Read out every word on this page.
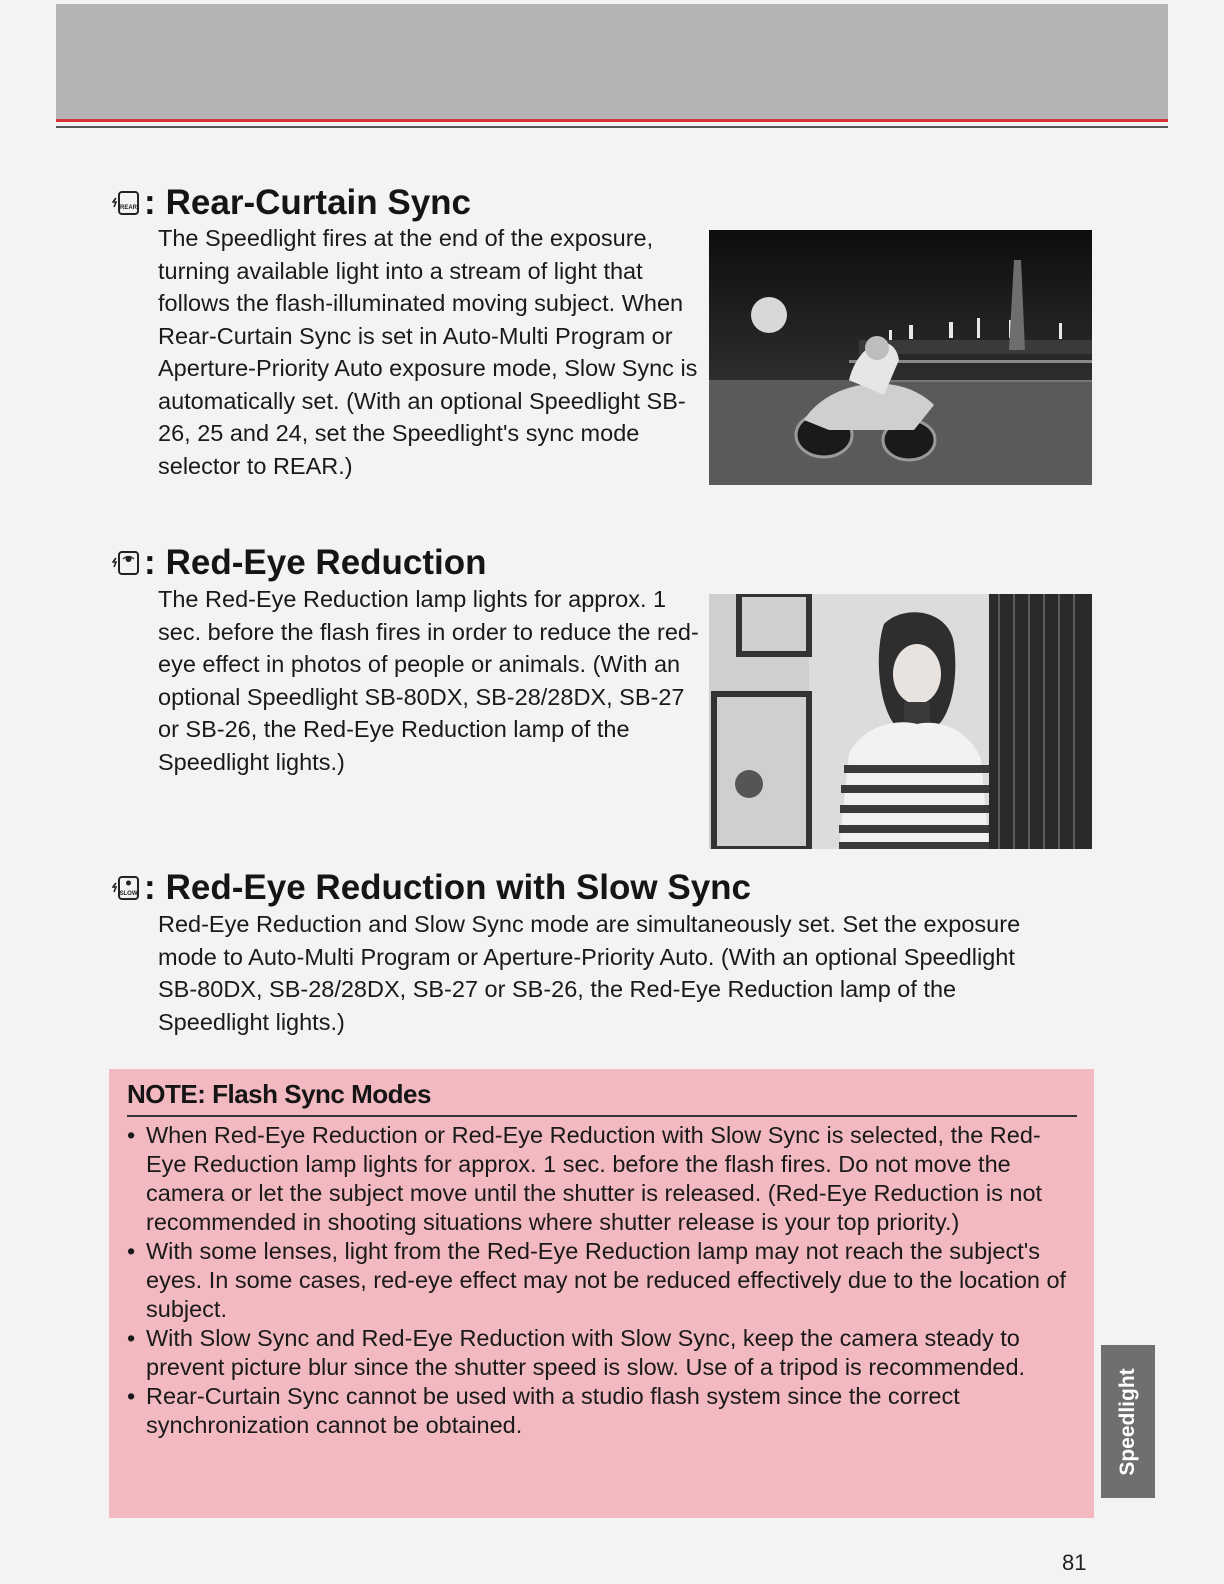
REAR : Rear-Curtain Sync

The Speedlight fires at the end of the exposure, turning available light into a stream of light that follows the flash-illuminated moving subject. When Rear-Curtain Sync is set in Auto-Multi Program or Aperture-Priority Auto exposure mode, Slow Sync is automatically set. (With an optional Speedlight SB-26, 25 and 24, set the Speedlight's sync mode selector to REAR.)

: Red-Eye Reduction

The Red-Eye Reduction lamp lights for approx. 1 sec. before the flash fires in order to reduce the red-eye effect in photos of people or animals. (With an optional Speedlight SB-80DX, SB-28/28DX, SB-27 or SB-26, the Red-Eye Reduction lamp of the Speedlight lights.)

SLOW : Red-Eye Reduction with Slow Sync

Red-Eye Reduction and Slow Sync mode are simultaneously set. Set the exposure mode to Auto-Multi Program or Aperture-Priority Auto. (With an optional Speedlight SB-80DX, SB-28/28DX, SB-27 or SB-26, the Red-Eye Reduction lamp of the Speedlight lights.)

NOTE: Flash Sync Modes
• When Red-Eye Reduction or Red-Eye Reduction with Slow Sync is selected, the Red-Eye Reduction lamp lights for approx. 1 sec. before the flash fires. Do not move the camera or let the subject move until the shutter is released. (Red-Eye Reduction is not recommended in shooting situations where shutter release is your top priority.)
• With some lenses, light from the Red-Eye Reduction lamp may not reach the subject's eyes. In some cases, red-eye effect may not be reduced effectively due to the location of subject.
• With Slow Sync and Red-Eye Reduction with Slow Sync, keep the camera steady to prevent picture blur since the shutter speed is slow. Use of a tripod is recommended.
• Rear-Curtain Sync cannot be used with a studio flash system since the correct synchronization cannot be obtained.	Speedlight
81
